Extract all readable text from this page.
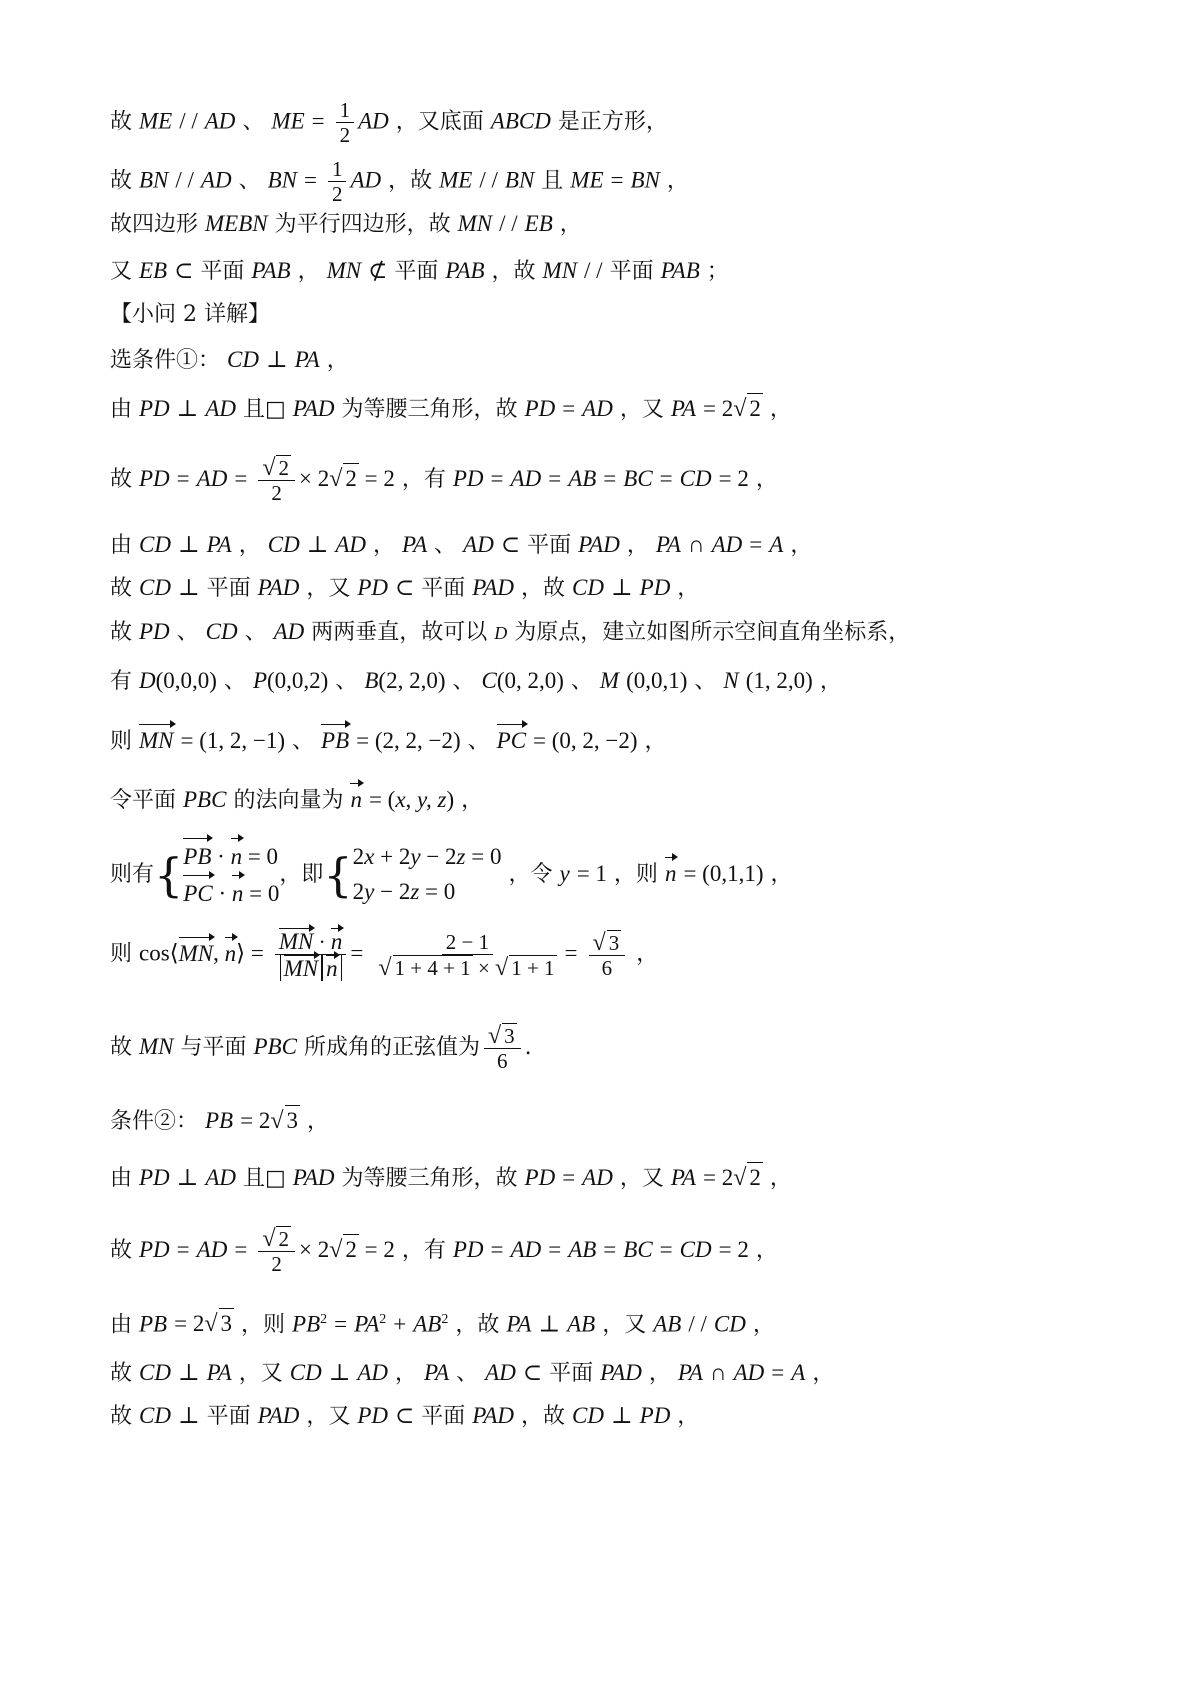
故 ME / / AD 、 ME = $\frac{1}{2}$ AD ，又底面 ABCD 是正方形，
故 BN / / AD 、 BN = $\frac{1}{2}$ AD ，故 ME / / BN 且 ME = BN ，
故四边形 MEBN 为平行四边形，故 MN / / EB ，
又 EB ⊂ 平面 PAB ， MN ⊄ 平面 PAB ，故 MN / / 平面 PAB ；
【小问 2 详解】
选条件①： CD ⊥ PA ，
由 PD ⊥ AD 且□ PAD 为等腰三角形，故 PD = AD ，又 PA = 2√ 2 ，
故 PD = AD = $\frac{√ 2}{2} \times 2√$ 2 = 2 ，有 PD = AD = AB = BC = CD = 2 ，
由 CD ⊥ PA ， CD ⊥ AD ， PA 、 AD ⊂ 平面 PAD ， PA ∩ AD = A ，
故 CD ⊥ 平面 PAD ，又 PD ⊂ 平面 PAD ，故 CD ⊥ PD ，
故 PD 、 CD 、 AD 两两垂直，故可以 D 为原点，建立如图所示空间直角坐标系，
有 D(0,0,0) 、 P(0,0,2) 、 B(2, 2,0) 、 C(0, 2,0) 、 M (0,0,1) 、 N (1, 2,0) ，
则 MN = (1, 2, −1) 、 PB = (2, 2, −2) 、 PC = (0, 2, −2) ，
令平面 PBC 的法向量为 n = (x, y, z) ，
则有{PB · n = 0
PC · n = 0，即{2x + 2y − 2z = 0
2y − 2z = 0 ，令 y = 1 ，则 n = (0,1,1) ，
则 cos⟨MN, n⟩ = $\frac{MN \cdot n}{\text{MN n}} = \frac{2 - 1}{√ 1 + 4 + 1 \times √ 1 + 1} = \frac{√ 3}{6}$ ，
故 MN 与平面 PBC 所成角的正弦值为 $\frac{√ 3}{6}$ .
条件②： PB = 2√ 3 ，
由 PD ⊥ AD 且□ PAD 为等腰三角形，故 PD = AD ，又 PA = 2√ 2 ，
故 PD = AD = $\frac{√ 2}{2} \times 2√$ 2 = 2 ，有 PD = AD = AB = BC = CD = 2 ，
由 PB = 2√ 3 ，则 $PB^2 = PA^2 + AB^2$ ，故 PA ⊥ AB ，又 AB / / CD ，
故 CD ⊥ PA ，又 CD ⊥ AD ， PA 、 AD ⊂ 平面 PAD ， PA ∩ AD = A ，
故 CD ⊥ 平面 PAD ，又 PD ⊂ 平面 PAD ，故 CD ⊥ PD ，
